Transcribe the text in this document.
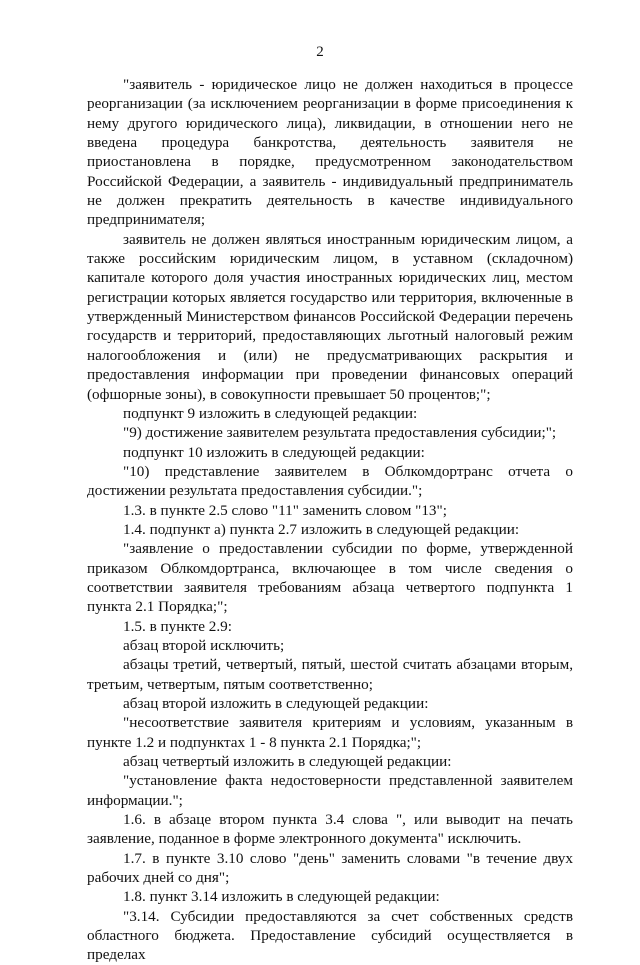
2

"заявитель - юридическое лицо не должен находиться в процессе реорганизации (за исключением реорганизации в форме присоединения к нему другого юридического лица), ликвидации, в отношении него не введена процедура банкротства, деятельность заявителя не приостановлена в порядке, предусмотренном законодательством Российской Федерации, а заявитель - индивидуальный предприниматель не должен прекратить деятельность в качестве индивидуального предпринимателя;

заявитель не должен являться иностранным юридическим лицом, а также российским юридическим лицом, в уставном (складочном) капитале которого доля участия иностранных юридических лиц, местом регистрации которых является государство или территория, включенные в утвержденный Министерством финансов Российской Федерации перечень государств и территорий, предоставляющих льготный налоговый режим налогообложения и (или) не предусматривающих раскрытия и предоставления информации при проведении финансовых операций (офшорные зоны), в совокупности превышает 50 процентов;";

подпункт 9 изложить в следующей редакции:

"9) достижение заявителем результата предоставления субсидии;";

подпункт 10 изложить в следующей редакции:

"10) представление заявителем в Облкомдортранс отчета о достижении результата предоставления субсидии.";

1.3. в пункте 2.5 слово "11" заменить словом "13";

1.4. подпункт а) пункта 2.7 изложить в следующей редакции:

"заявление о предоставлении субсидии по форме, утвержденной приказом Облкомдортранса, включающее в том числе сведения о соответствии заявителя требованиям абзаца четвертого подпункта 1 пункта 2.1 Порядка;";

1.5. в пункте 2.9:

абзац второй исключить;

абзацы третий, четвертый, пятый, шестой считать абзацами вторым, третьим, четвертым, пятым соответственно;

абзац второй изложить в следующей редакции:

"несоответствие заявителя критериям и условиям, указанным в пункте 1.2 и подпунктах 1 - 8 пункта 2.1 Порядка;";

абзац четвертый изложить в следующей редакции:

"установление факта недостоверности представленной заявителем информации.";

1.6. в абзаце втором пункта 3.4 слова ", или выводит на печать заявление, поданное в форме электронного документа" исключить.

1.7. в пункте 3.10 слово "день" заменить словами "в течение двух рабочих дней со дня";

1.8. пункт 3.14 изложить в следующей редакции:

"3.14. Субсидии предоставляются за счет собственных средств областного бюджета. Предоставление субсидий осуществляется в пределах
